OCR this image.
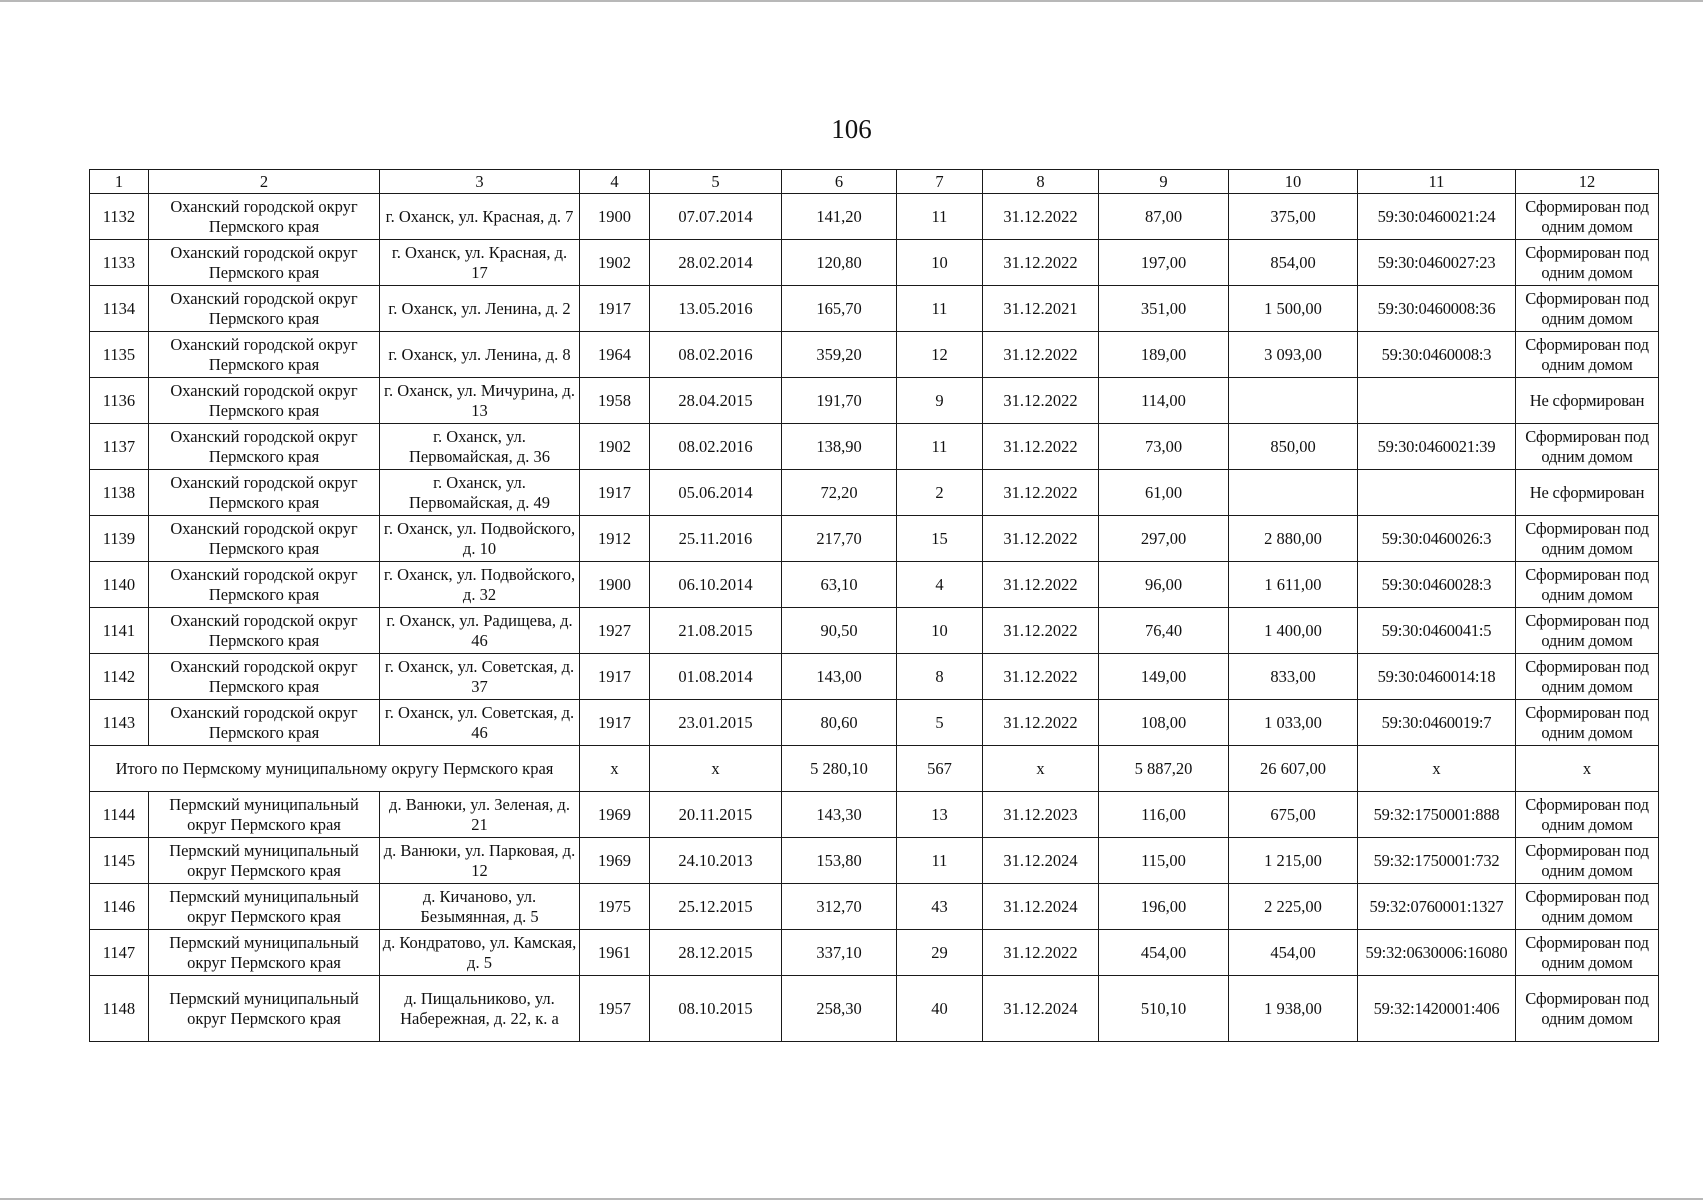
106
1	2	3	4	5	6	7	8	9	10	11	12
1132	Оханский городской округ Пермского края	г. Оханск, ул. Красная, д. 7	1900	07.07.2014	141,20	11	31.12.2022	87,00	375,00	59:30:0460021:24	Сформирован под одним домом
1133	Оханский городской округ Пермского края	г. Оханск, ул. Красная, д. 17	1902	28.02.2014	120,80	10	31.12.2022	197,00	854,00	59:30:0460027:23	Сформирован под одним домом
1134	Оханский городской округ Пермского края	г. Оханск, ул. Ленина, д. 2	1917	13.05.2016	165,70	11	31.12.2021	351,00	1 500,00	59:30:0460008:36	Сформирован под одним домом
1135	Оханский городской округ Пермского края	г. Оханск, ул. Ленина, д. 8	1964	08.02.2016	359,20	12	31.12.2022	189,00	3 093,00	59:30:0460008:3	Сформирован под одним домом
1136	Оханский городской округ Пермского края	г. Оханск, ул. Мичурина, д. 13	1958	28.04.2015	191,70	9	31.12.2022	114,00			Не сформирован
1137	Оханский городской округ Пермского края	г. Оханск, ул. Первомайская, д. 36	1902	08.02.2016	138,90	11	31.12.2022	73,00	850,00	59:30:0460021:39	Сформирован под одним домом
1138	Оханский городской округ Пермского края	г. Оханск, ул. Первомайская, д. 49	1917	05.06.2014	72,20	2	31.12.2022	61,00			Не сформирован
1139	Оханский городской округ Пермского края	г. Оханск, ул. Подвойского, д. 10	1912	25.11.2016	217,70	15	31.12.2022	297,00	2 880,00	59:30:0460026:3	Сформирован под одним домом
1140	Оханский городской округ Пермского края	г. Оханск, ул. Подвойского, д. 32	1900	06.10.2014	63,10	4	31.12.2022	96,00	1 611,00	59:30:0460028:3	Сформирован под одним домом
1141	Оханский городской округ Пермского края	г. Оханск, ул. Радищева, д. 46	1927	21.08.2015	90,50	10	31.12.2022	76,40	1 400,00	59:30:0460041:5	Сформирован под одним домом
1142	Оханский городской округ Пермского края	г. Оханск, ул. Советская, д. 37	1917	01.08.2014	143,00	8	31.12.2022	149,00	833,00	59:30:0460014:18	Сформирован под одним домом
1143	Оханский городской округ Пермского края	г. Оханск, ул. Советская, д. 46	1917	23.01.2015	80,60	5	31.12.2022	108,00	1 033,00	59:30:0460019:7	Сформирован под одним домом
Итого по Пермскому муниципальному округу Пермского края			x	x	5 280,10	567	x	5 887,20	26 607,00	x	x
1144	Пермский муниципальный округ Пермского края	д. Ванюки, ул. Зеленая, д. 21	1969	20.11.2015	143,30	13	31.12.2023	116,00	675,00	59:32:1750001:888	Сформирован под одним домом
1145	Пермский муниципальный округ Пермского края	д. Ванюки, ул. Парковая, д. 12	1969	24.10.2013	153,80	11	31.12.2024	115,00	1 215,00	59:32:1750001:732	Сформирован под одним домом
1146	Пермский муниципальный округ Пермского края	д. Кичаново, ул. Безымянная, д. 5	1975	25.12.2015	312,70	43	31.12.2024	196,00	2 225,00	59:32:0760001:1327	Сформирован под одним домом
1147	Пермский муниципальный округ Пермского края	д. Кондратово, ул. Камская, д. 5	1961	28.12.2015	337,10	29	31.12.2022	454,00	454,00	59:32:0630006:16080	Сформирован под одним домом
1148	Пермский муниципальный округ Пермского края	д. Пищальниково, ул. Набережная, д. 22, к. а	1957	08.10.2015	258,30	40	31.12.2024	510,10	1 938,00	59:32:1420001:406	Сформирован под одним домом
